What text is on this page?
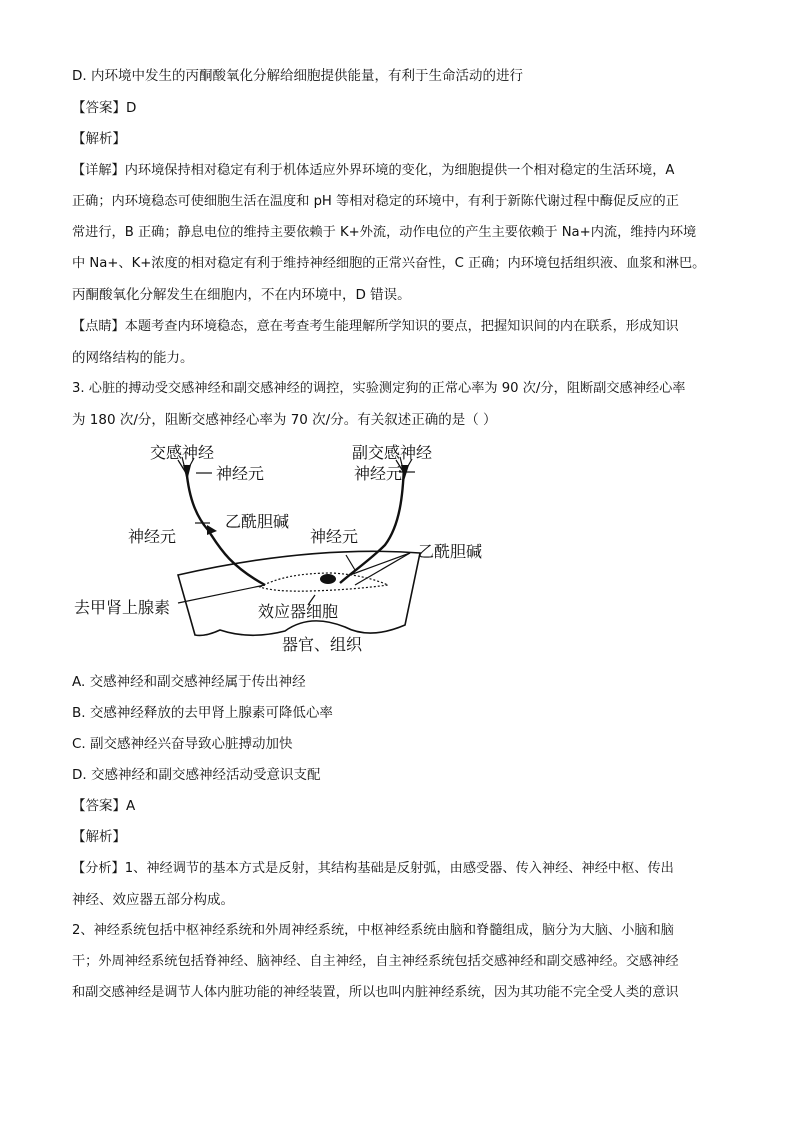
D. 内环境中发生的丙酮酸氧化分解给细胞提供能量，有利于生命活动的进行
【答案】D
【解析】
【详解】内环境保持相对稳定有利于机体适应外界环境的变化，为细胞提供一个相对稳定的生活环境，A
正确；内环境稳态可使细胞生活在温度和 pH 等相对稳定的环境中，有利于新陈代谢过程中酶促反应的正
常进行，B 正确；静息电位的维持主要依赖于 K+外流，动作电位的产生主要依赖于 Na+内流，维持内环境
中 Na+、K+浓度的相对稳定有利于维持神经细胞的正常兴奋性，C 正确；内环境包括组织液、血浆和淋巴。
丙酮酸氧化分解发生在细胞内，不在内环境中，D 错误。
【点睛】本题考查内环境稳态，意在考查考生能理解所学知识的要点，把握知识间的内在联系，形成知识
的网络结构的能力。
3. 心脏的搏动受交感神经和副交感神经的调控，实验测定狗的正常心率为 90 次/分，阻断副交感神经心率
为 180 次/分，阻断交感神经心率为 70 次/分。有关叙述正确的是（ ）
交感神经	副交感神经
神经元	神经元
乙酰胆碱
神经元	神经元
乙酰胆碱
去甲肾上腺素	效应器细胞
器官、组织
A. 交感神经和副交感神经属于传出神经
B. 交感神经释放的去甲肾上腺素可降低心率
C. 副交感神经兴奋导致心脏搏动加快
D. 交感神经和副交感神经活动受意识支配
【答案】A
【解析】
【分析】1、神经调节的基本方式是反射，其结构基础是反射弧，由感受器、传入神经、神经中枢、传出
神经、效应器五部分构成。
2、神经系统包括中枢神经系统和外周神经系统，中枢神经系统由脑和脊髓组成，脑分为大脑、小脑和脑
干；外周神经系统包括脊神经、脑神经、自主神经，自主神经系统包括交感神经和副交感神经。交感神经
和副交感神经是调节人体内脏功能的神经装置，所以也叫内脏神经系统，因为其功能不完全受人类的意识
